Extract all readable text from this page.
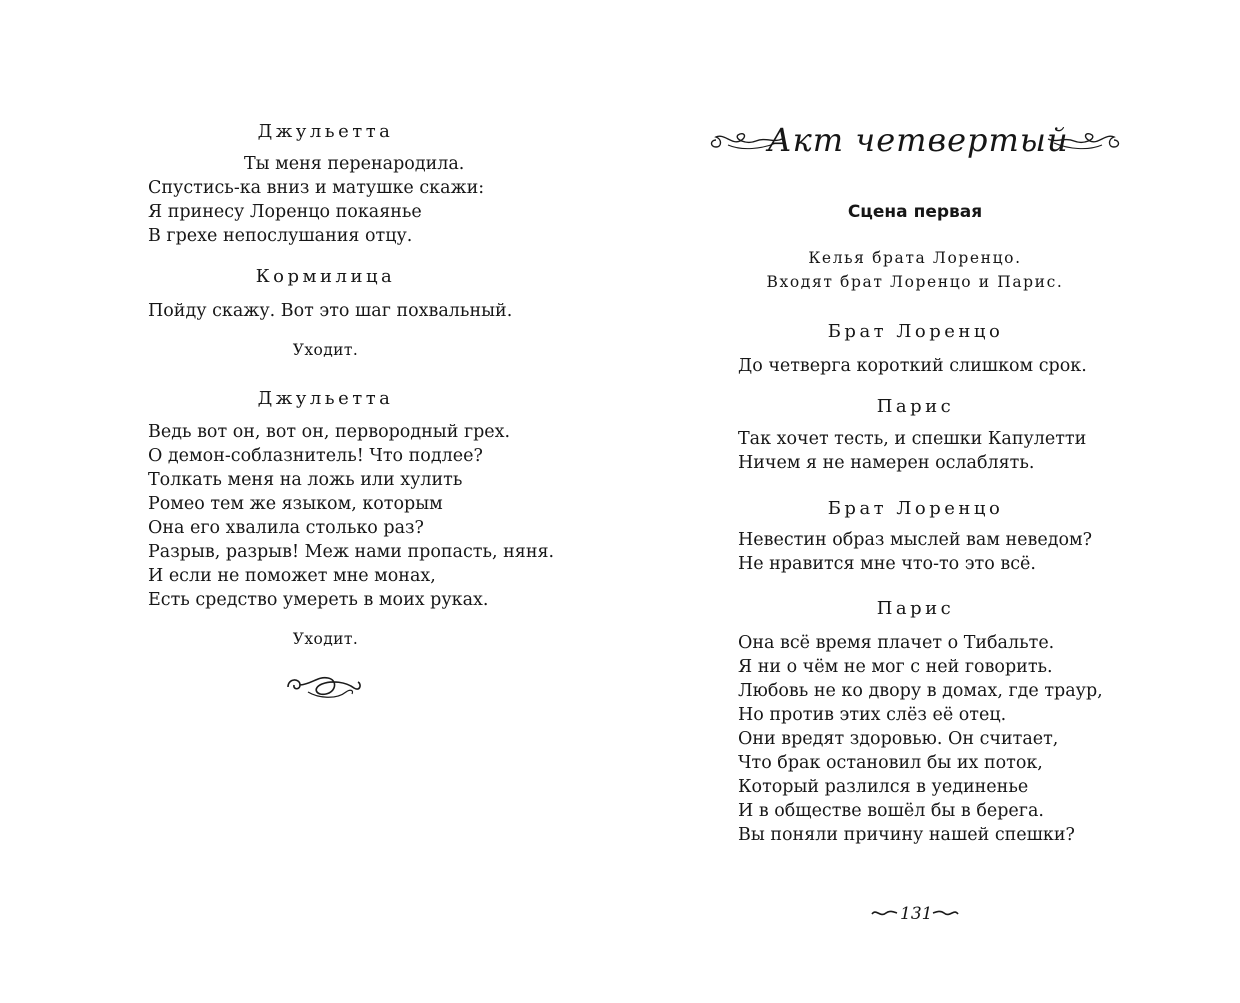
Джульетта

Ты меня перенародила.

Спустись-ка вниз и матушке скажи:

Я принесу Лоренцо покаянье

В грехе непослушания отцу.

Кормилица

Пойду скажу. Вот это шаг похвальный.

Уходит.

Джульетта

Ведь вот он, вот он, первородный грех.

О демон-соблазнитель! Что подлее?

Толкать меня на ложь или хулить

Ромео тем же языком, которым

Она его хвалила столько раз?

Разрыв, разрыв! Меж нами пропасть, няня.

И если не поможет мне монах,

Есть средство умереть в моих руках.

Уходит.

Акт четвертый
Сцена первая

Келья брата Лоренцо.

Входят брат Лоренцо и Парис.

Брат Лоренцо

До четверга короткий слишком срок.

Парис

Так хочет тесть, и спешки Капулетти

Ничем я не намерен ослаблять.

Брат Лоренцо

Невестин образ мыслей вам неведом?

Не нравится мне что-то это всё.

Парис

Она всё время плачет о Тибальте.

Я ни о чём не мог с ней говорить.

Любовь не ко двору в домах, где траур,

Но против этих слёз её отец.

Они вредят здоровью. Он считает,

Что брак остановил бы их поток,

Который разлился в уединенье

И в обществе вошёл бы в берега.

Вы поняли причину нашей спешки?

131
